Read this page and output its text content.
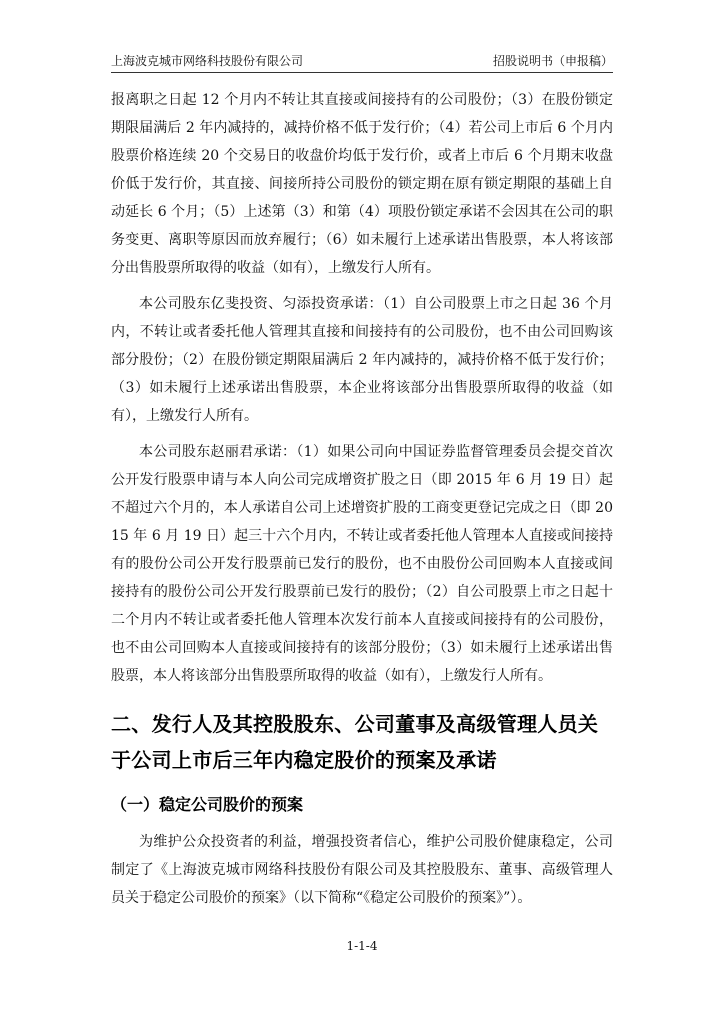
上海波克城市网络科技股份有限公司	招股说明书（申报稿）

报离职之日起 12 个月内不转让其直接或间接持有的公司股份；（3）在股份锁定期限届满后 2 年内减持的，减持价格不低于发行价；（4）若公司上市后 6 个月内股票价格连续 20 个交易日的收盘价均低于发行价，或者上市后 6 个月期末收盘价低于发行价，其直接、间接所持公司股份的锁定期在原有锁定期限的基础上自动延长 6 个月；（5）上述第（3）和第（4）项股份锁定承诺不会因其在公司的职务变更、离职等原因而放弃履行；（6）如未履行上述承诺出售股票，本人将该部分出售股票所取得的收益（如有），上缴发行人所有。

本公司股东亿斐投资、匀添投资承诺：（1）自公司股票上市之日起 36 个月内，不转让或者委托他人管理其直接和间接持有的公司股份，也不由公司回购该部分股份；（2）在股份锁定期限届满后 2 年内减持的，减持价格不低于发行价；（3）如未履行上述承诺出售股票，本企业将该部分出售股票所取得的收益（如有），上缴发行人所有。

本公司股东赵丽君承诺：（1）如果公司向中国证券监督管理委员会提交首次公开发行股票申请与本人向公司完成增资扩股之日（即 2015 年 6 月 19 日）起不超过六个月的，本人承诺自公司上述增资扩股的工商变更登记完成之日（即 2015 年 6 月 19 日）起三十六个月内，不转让或者委托他人管理本人直接或间接持有的股份公司公开发行股票前已发行的股份，也不由股份公司回购本人直接或间接持有的股份公司公开发行股票前已发行的股份；（2）自公司股票上市之日起十二个月内不转让或者委托他人管理本次发行前本人直接或间接持有的公司股份，也不由公司回购本人直接或间接持有的该部分股份；（3）如未履行上述承诺出售股票，本人将该部分出售股票所取得的收益（如有），上缴发行人所有。

二、发行人及其控股股东、公司董事及高级管理人员关于公司上市后三年内稳定股价的预案及承诺
（一）稳定公司股价的预案

为维护公众投资者的利益，增强投资者信心，维护公司股价健康稳定，公司制定了《上海波克城市网络科技股份有限公司及其控股股东、董事、高级管理人员关于稳定公司股价的预案》（以下简称“《稳定公司股价的预案》”）。

1-1-4
